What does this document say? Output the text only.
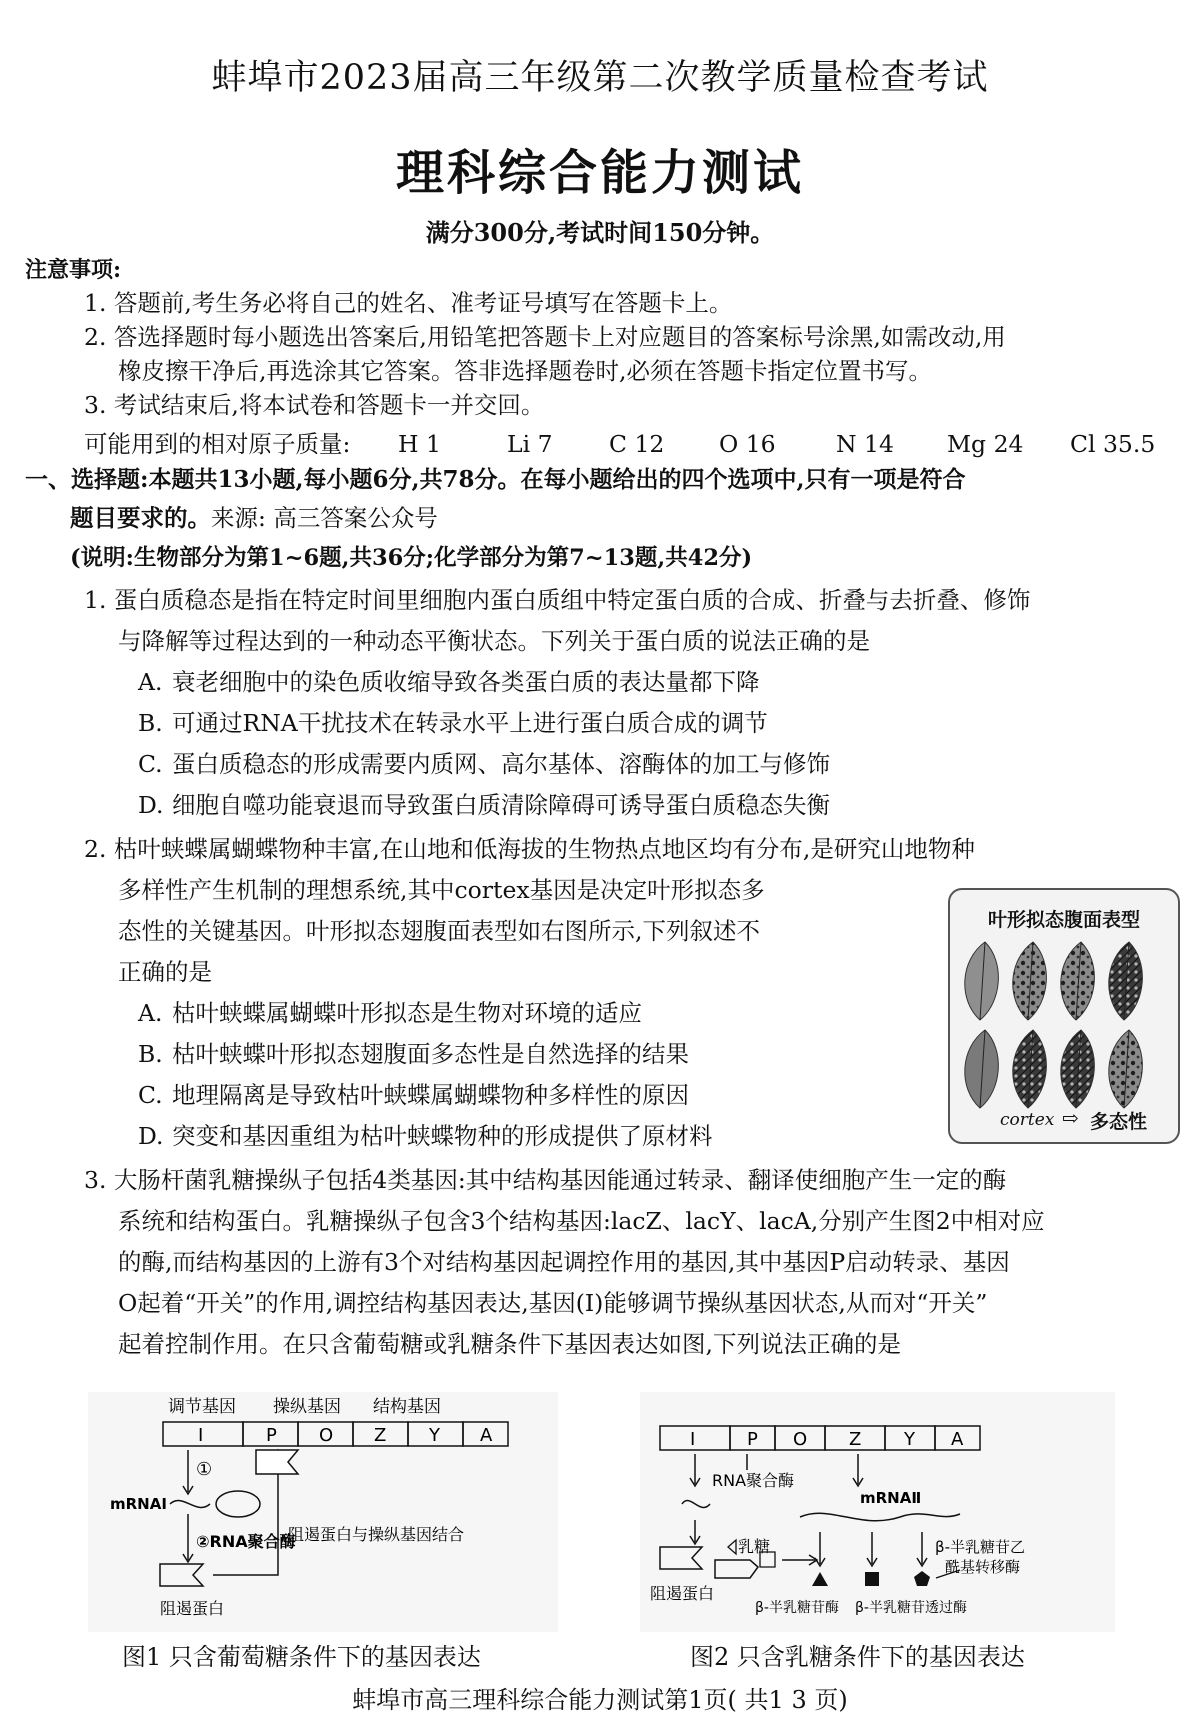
蚌埠市2023届高三年级第二次教学质量检查考试
理科综合能力测试
满分300分,考试时间150分钟。
注意事项:
1. 答题前,考生务必将自己的姓名、准考证号填写在答题卡上。
2. 答选择题时每小题选出答案后,用铅笔把答题卡上对应题目的答案标号涂黑,如需改动,用
橡皮擦干净后,再选涂其它答案。答非选择题卷时,必须在答题卡指定位置书写。
3. 考试结束后,将本试卷和答题卡一并交回。
可能用到的相对原子质量: H 1	Li 7 C 12 O 16	N 14 Mg 24 Cl 35.5
一、选择题:本题共13小题,每小题6分,共78分。在每小题给出的四个选项中,只有一项是符合
题目要求的。来源: 高三答案公众号
(说明:生物部分为第1~6题,共36分;化学部分为第7~13题,共42分)
1. 蛋白质稳态是指在特定时间里细胞内蛋白质组中特定蛋白质的合成、折叠与去折叠、修饰
与降解等过程达到的一种动态平衡状态。下列关于蛋白质的说法正确的是
A. 衰老细胞中的染色质收缩导致各类蛋白质的表达量都下降
B. 可通过RNA干扰技术在转录水平上进行蛋白质合成的调节
C. 蛋白质稳态的形成需要内质网、高尔基体、溶酶体的加工与修饰
D. 细胞自噬功能衰退而导致蛋白质清除障碍可诱导蛋白质稳态失衡
2. 枯叶蛱蝶属蝴蝶物种丰富,在山地和低海拔的生物热点地区均有分布,是研究山地物种
多样性产生机制的理想系统,其中cortex基因是决定叶形拟态多
态性的关键基因。叶形拟态翅腹面表型如右图所示,下列叙述不
正确的是
A. 枯叶蛱蝶属蝴蝶叶形拟态是生物对环境的适应
B. 枯叶蛱蝶叶形拟态翅腹面多态性是自然选择的结果
C. 地理隔离是导致枯叶蛱蝶属蝴蝶物种多样性的原因
D. 突变和基因重组为枯叶蛱蝶物种的形成提供了原材料
叶形拟态腹面表型
cortex ⇨ 多态性
3. 大肠杆菌乳糖操纵子包括4类基因:其中结构基因能通过转录、翻译使细胞产生一定的酶
系统和结构蛋白。乳糖操纵子包含3个结构基因:lacZ、lacY、lacA,分别产生图2中相对应
的酶,而结构基因的上游有3个对结构基因起调控作用的基因,其中基因P启动转录、基因
O起着“开关”的作用,调控结构基因表达,基因(I)能够调节操纵基因状态,从而对“开关”
起着控制作用。在只含葡萄糖或乳糖条件下基因表达如图,下列说法正确的是
调节基因 操纵基因 结构基因
I	P O Z Y A
①
mRNAⅠ
②RNA聚合酶
阻遏蛋白
阻遏蛋白与操纵基因结合
I	P O Z Y A
RNA聚合酶
mRNAⅡ
阻遏蛋白
乳糖	β-半乳糖苷乙
酰基转移酶
β-半乳糖苷酶 β-半乳糖苷透过酶
图1 只含葡萄糖条件下的基因表达	图2 只含乳糖条件下的基因表达
蚌埠市高三理科综合能力测试第1页( 共1 3 页)
